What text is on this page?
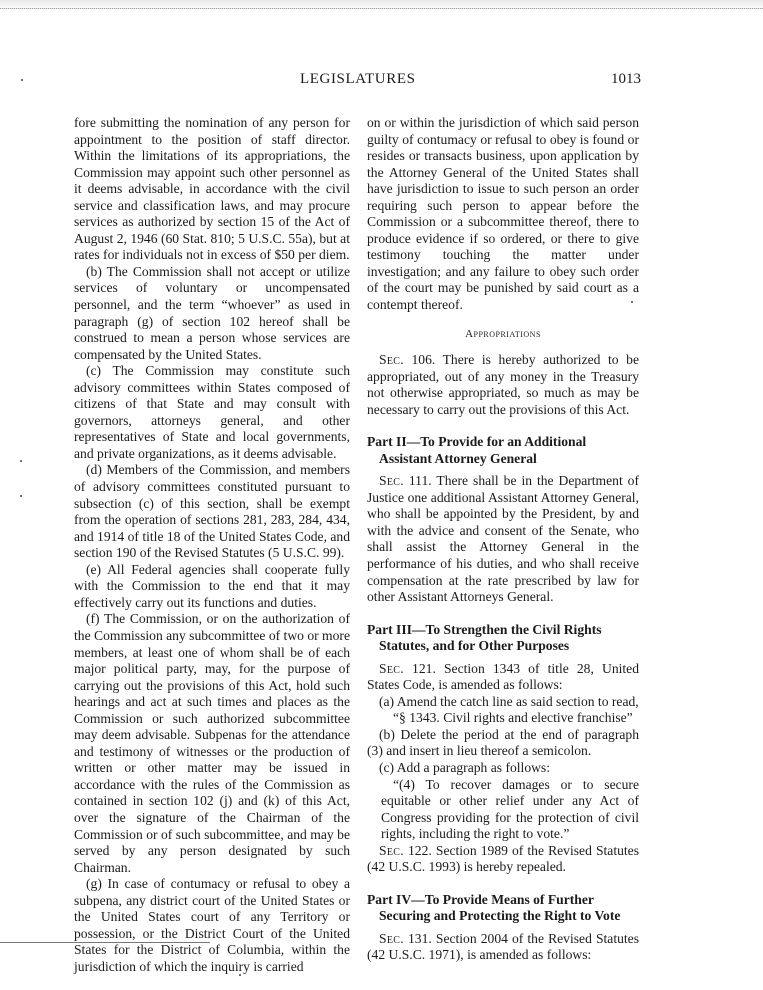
LEGISLATURES	1013

fore submitting the nomination of any person for appointment to the position of staff director. Within the limitations of its appropriations, the Commission may appoint such other personnel as it deems advisable, in accordance with the civil service and classification laws, and may procure services as authorized by section 15 of the Act of August 2, 1946 (60 Stat. 810; 5 U.S.C. 55a), but at rates for individuals not in excess of $50 per diem.

(b) The Commission shall not accept or utilize services of voluntary or uncompensated personnel, and the term “whoever” as used in paragraph (g) of section 102 hereof shall be construed to mean a person whose services are compensated by the United States.

(c) The Commission may constitute such advisory committees within States composed of citizens of that State and may consult with governors, attorneys general, and other representatives of State and local governments, and private organizations, as it deems advisable.

(d) Members of the Commission, and members of advisory committees constituted pursuant to subsection (c) of this section, shall be exempt from the operation of sections 281, 283, 284, 434, and 1914 of title 18 of the United States Code, and section 190 of the Revised Statutes (5 U.S.C. 99).

(e) All Federal agencies shall cooperate fully with the Commission to the end that it may effectively carry out its functions and duties.

(f) The Commission, or on the authorization of the Commission any subcommittee of two or more members, at least one of whom shall be of each major political party, may, for the purpose of carrying out the provisions of this Act, hold such hearings and act at such times and places as the Commission or such authorized subcommittee may deem advisable. Subpenas for the attendance and testimony of witnesses or the production of written or other matter may be issued in accordance with the rules of the Commission as contained in section 102 (j) and (k) of this Act, over the signature of the Chairman of the Commission or of such subcommittee, and may be served by any person designated by such Chairman.

(g) In case of contumacy or refusal to obey a subpena, any district court of the United States or the United States court of any Territory or possession, or the District Court of the United States for the District of Columbia, within the jurisdiction of which the inquiry is carried

on or within the jurisdiction of which said person guilty of contumacy or refusal to obey is found or resides or transacts business, upon application by the Attorney General of the United States shall have jurisdiction to issue to such person an order requiring such person to appear before the Commission or a subcommittee thereof, there to produce evidence if so ordered, or there to give testimony touching the matter under investigation; and any failure to obey such order of the court may be punished by said court as a contempt thereof.

Appropriations

Sec. 106. There is hereby authorized to be appropriated, out of any money in the Treasury not otherwise appropriated, so much as may be necessary to carry out the provisions of this Act.

Part II—To Provide for an Additional Assistant Attorney General

Sec. 111. There shall be in the Department of Justice one additional Assistant Attorney General, who shall be appointed by the President, by and with the advice and consent of the Senate, who shall assist the Attorney General in the performance of his duties, and who shall receive compensation at the rate prescribed by law for other Assistant Attorneys General.

Part III—To Strengthen the Civil Rights Statutes, and for Other Purposes

Sec. 121. Section 1343 of title 28, United States Code, is amended as follows:

(a) Amend the catch line as said section to read,

“§ 1343. Civil rights and elective franchise”

(b) Delete the period at the end of paragraph (3) and insert in lieu thereof a semicolon.

(c) Add a paragraph as follows:

“(4) To recover damages or to secure equitable or other relief under any Act of Congress providing for the protection of civil rights, including the right to vote.”

Sec. 122. Section 1989 of the Revised Statutes (42 U.S.C. 1993) is hereby repealed.

Part IV—To Provide Means of Further Securing and Protecting the Right to Vote

Sec. 131. Section 2004 of the Revised Statutes (42 U.S.C. 1971), is amended as follows:
